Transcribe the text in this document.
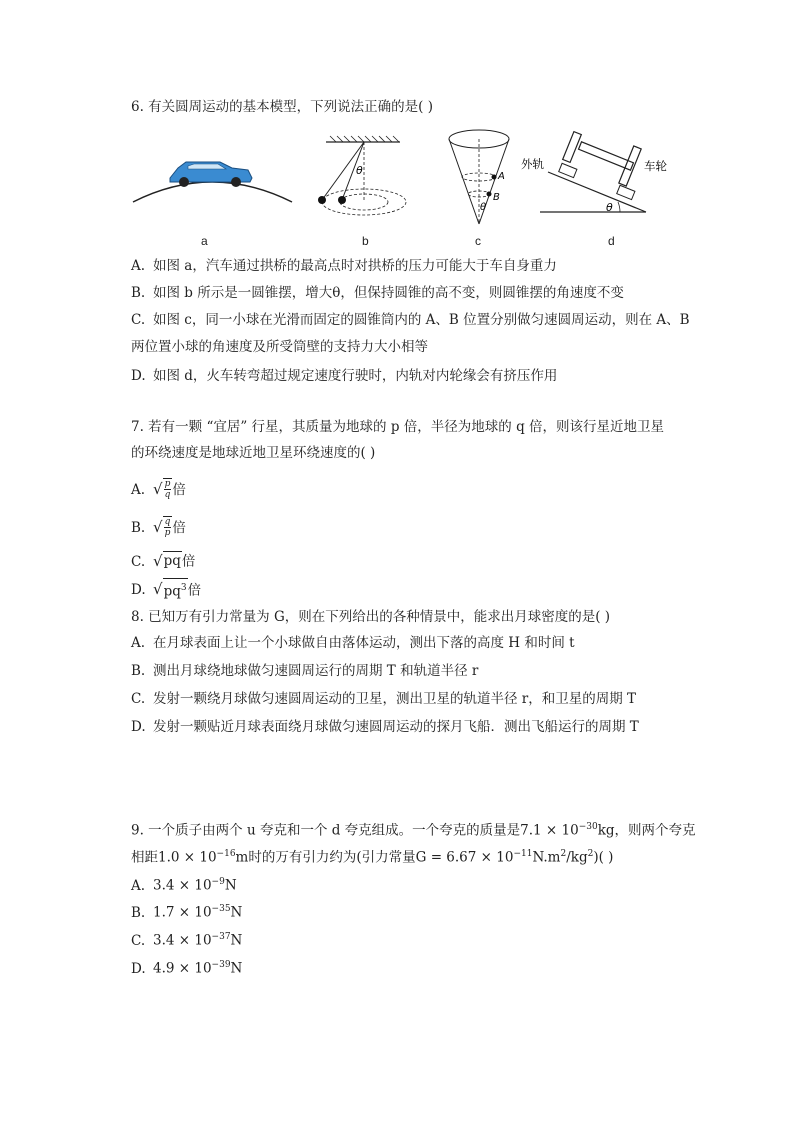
6. 有关圆周运动的基本模型，下列说法正确的是( )
θ	A
B
θ	θ
外轨	车轮
a	b	c	d
A. 如图 a，汽车通过拱桥的最高点时对拱桥的压力可能大于车自身重力
B. 如图 b 所示是一圆锥摆，增大θ，但保持圆锥的高不变，则圆锥摆的角速度不变
C. 如图 c，同一小球在光滑而固定的圆锥筒内的 A、B 位置分别做匀速圆周运动，则在 A、B
两位置小球的角速度及所受筒壁的支持力大小相等
D. 如图 d，火车转弯超过规定速度行驶时，内轨对内轮缘会有挤压作用
7. 若有一颗 “宜居” 行星，其质量为地球的 p 倍，半径为地球的 q 倍，则该行星近地卫星
的环绕速度是地球近地卫星环绕速度的( )
A. √ $\frac{p}{q}$ 倍
B. √ $\frac{q}{p}$ 倍
C. √ pq 倍
D. √ $pq^3$ 倍
8. 已知万有引力常量为 G，则在下列给出的各种情景中，能求出月球密度的是( )
A. 在月球表面上让一个小球做自由落体运动，测出下落的高度 H 和时间 t
B. 测出月球绕地球做匀速圆周运行的周期 T 和轨道半径 r
C. 发射一颗绕月球做匀速圆周运动的卫星，测出卫星的轨道半径 r，和卫星的周期 T
D. 发射一颗贴近月球表面绕月球做匀速圆周运动的探月飞船．测出飞船运行的周期 T
9. 一个质子由两个 u 夸克和一个 d 夸克组成。一个夸克的质量是$7.1 \times 10^{-30}kg$，则两个夸克
相距$1.0 \times 10^{-16}m$时的万有引力约为(引力常量$G = 6.67 \times 10^{-11}N.m^2/kg^2$)( )
A. $3.4 \times 10^{-9}N$
B. $1.7 \times 10^{-35}N$
C. $3.4 \times 10^{-37}N$
D. $4.9 \times 10^{-39}N$
